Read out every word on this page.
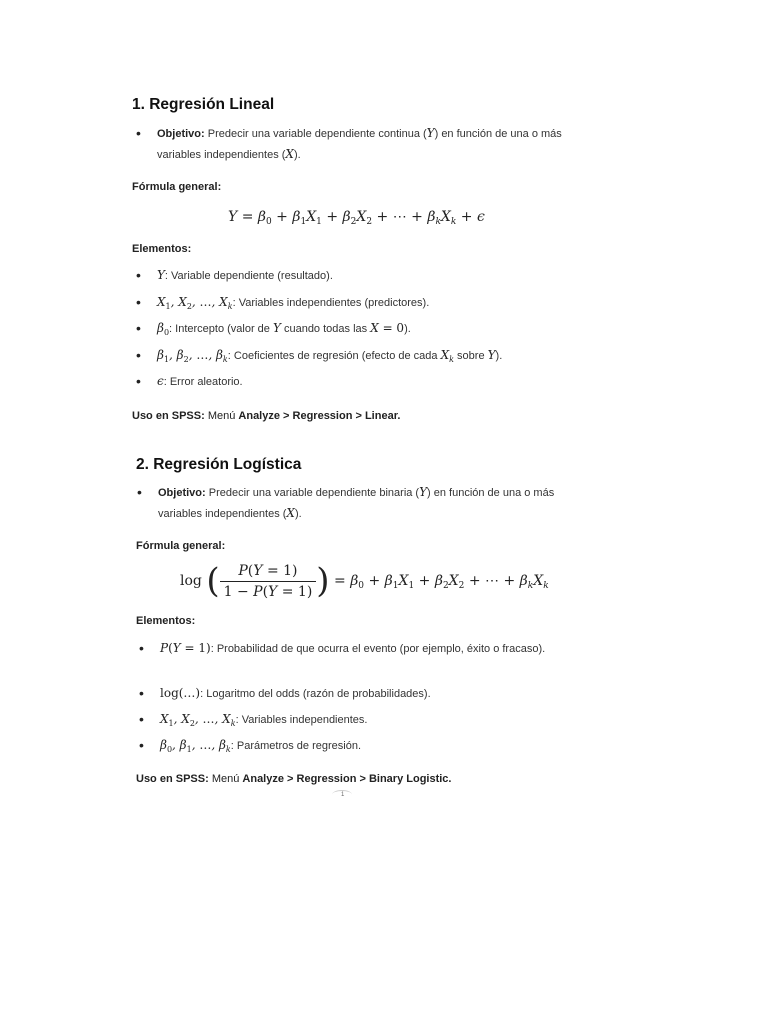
1. Regresión Lineal
• Objetivo: Predecir una variable dependiente continua (Y) en función de una o más variables independientes (X).
Fórmula general:
$Y = \beta_0 + \beta_1X_1 + \beta_2X_2$ + ⋯ + $\beta_kX_k + \epsilon$
Elementos:
• Y: Variable dependiente (resultado).
• $X_1$, $X_2$, …, $X_k$: Variables independientes (predictores).
• $\beta_0$: Intercepto (valor de Y cuando todas las X = 0).
• $\beta_1$, $\beta_2$, …, $\beta_k$: Coeficientes de regresión (efecto de cada $X_k$ sobre Y).
• ϵ: Error aleatorio.
Uso en SPSS: Menú Analyze > Regression > Linear.
2. Regresión Logística
• Objetivo: Predecir una variable dependiente binaria (Y) en función de una o más variables independientes (X).
Fórmula general:
log ( $\frac{P(Y = 1)}{1 - P(Y = 1)}$ ) = $\beta_0 + \beta_1X_1 + \beta_2X_2$ + ⋯ + $\beta_kX_k$
Elementos:
• P(Y = 1): Probabilidad de que ocurra el evento (por ejemplo, éxito o fracaso).
• log(…): Logaritmo del odds (razón de probabilidades).
• $X_1$, $X_2$, …, $X_k$: Variables independientes.
• $\beta_0$, $\beta_1$, …, $\beta_k$: Parámetros de regresión.
Uso en SPSS: Menú Analyze > Regression > Binary Logistic.
1
